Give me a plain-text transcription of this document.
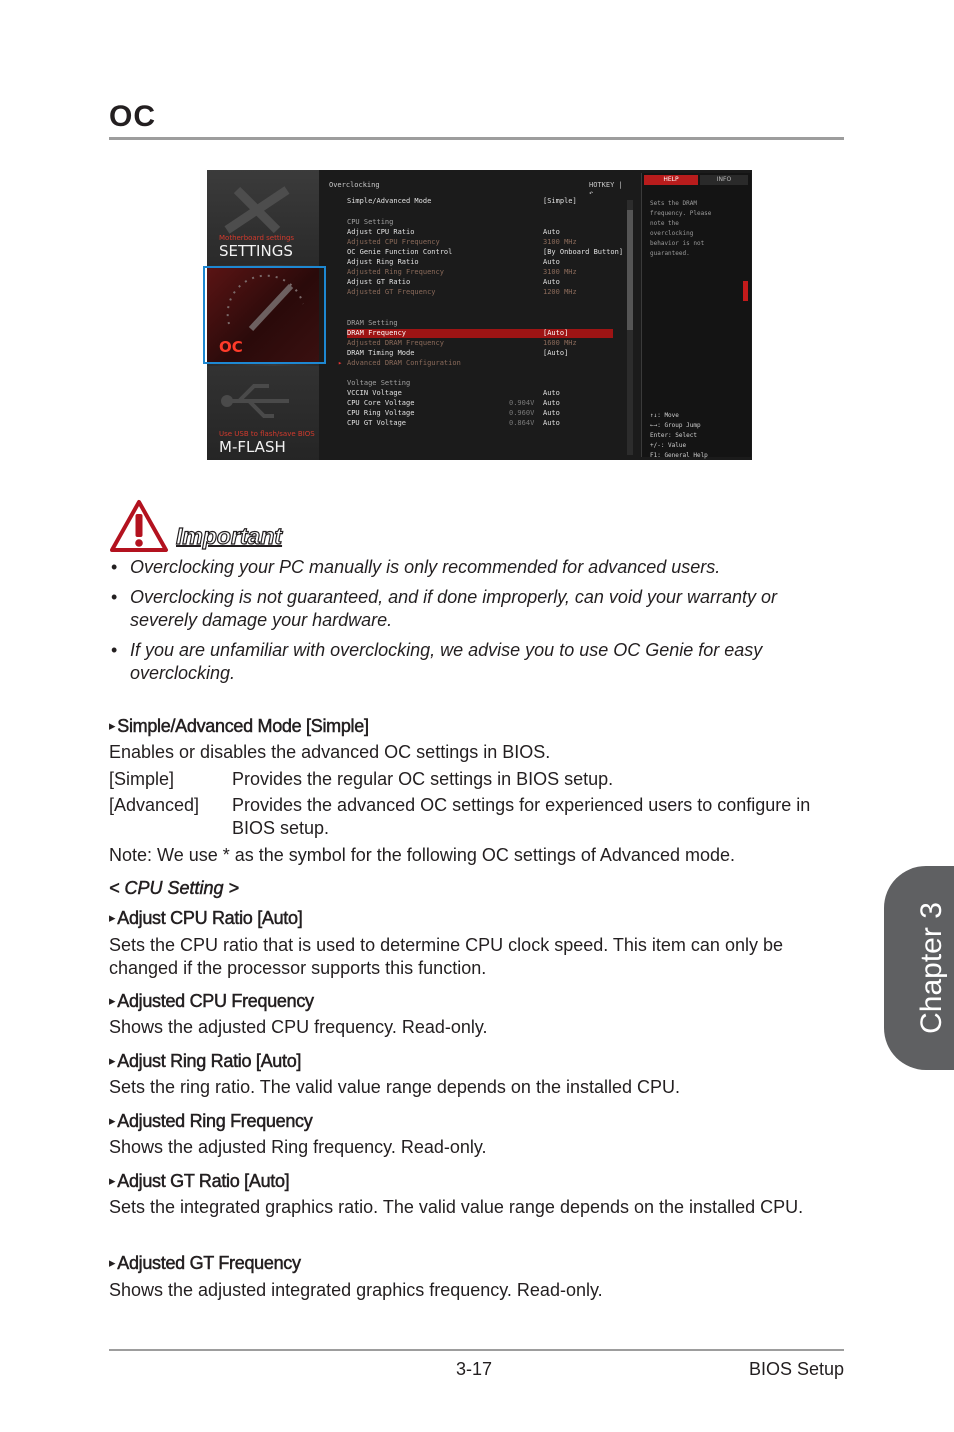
OC
Chapter 3
Motherboard settings
SETTINGS
OC
Use USB to flash/save BIOS
M-FLASH
Overclocking	HOTKEY | ↶
Simple/Advanced Mode	[Simple]
CPU Setting
Adjust CPU Ratio	Auto
Adjusted CPU Frequency	3100 MHz
OC Genie Function Control	[By Onboard Button]
Adjust Ring Ratio	Auto
Adjusted Ring Frequency	3100 MHz
Adjust GT Ratio	Auto
Adjusted GT Frequency	1200 MHz
DRAM Setting
DRAM Frequency	[Auto]
Adjusted DRAM Frequency	1600 MHz
DRAM Timing Mode	[Auto]
▸ Advanced DRAM Configuration
Voltage Setting
VCCIN Voltage	Auto
CPU Core Voltage	0.904V Auto
CPU Ring Voltage	0.960V Auto
CPU GT Voltage	0.864V Auto
HELP	INFO
Sets the DRAM
frequency. Please
note the
overclocking
behavior is not
guaranteed.
↑↓: Move
←→: Group Jump
Enter: Select
+/-: Value
F1: General Help
Important
• Overclocking your PC manually is only recommended for advanced users.
• Overclocking is not guaranteed, and if done improperly, can void your warranty or severely damage your hardware.
• If you are unfamiliar with overclocking, we advise you to use OC Genie for easy overclocking.
▸ Simple/Advanced Mode [Simple]
Enables or disables the advanced OC settings in BIOS.
[Simple]	Provides the regular OC settings in BIOS setup.
[Advanced] Provides the advanced OC settings for experienced users to configure in BIOS setup.
Note: We use * as the symbol for the following OC settings of Advanced mode.
< CPU Setting >
▸ Adjust CPU Ratio [Auto]
Sets the CPU ratio that is used to determine CPU clock speed. This item can only be changed if the processor supports this function.
▸ Adjusted CPU Frequency
Shows the adjusted CPU frequency. Read-only.
▸ Adjust Ring Ratio [Auto]
Sets the ring ratio. The valid value range depends on the installed CPU.
▸ Adjusted Ring Frequency
Shows the adjusted Ring frequency. Read-only.
▸ Adjust GT Ratio [Auto]
Sets the integrated graphics ratio. The valid value range depends on the installed CPU.
▸ Adjusted GT Frequency
Shows the adjusted integrated graphics frequency. Read-only.
3-17	BIOS Setup
